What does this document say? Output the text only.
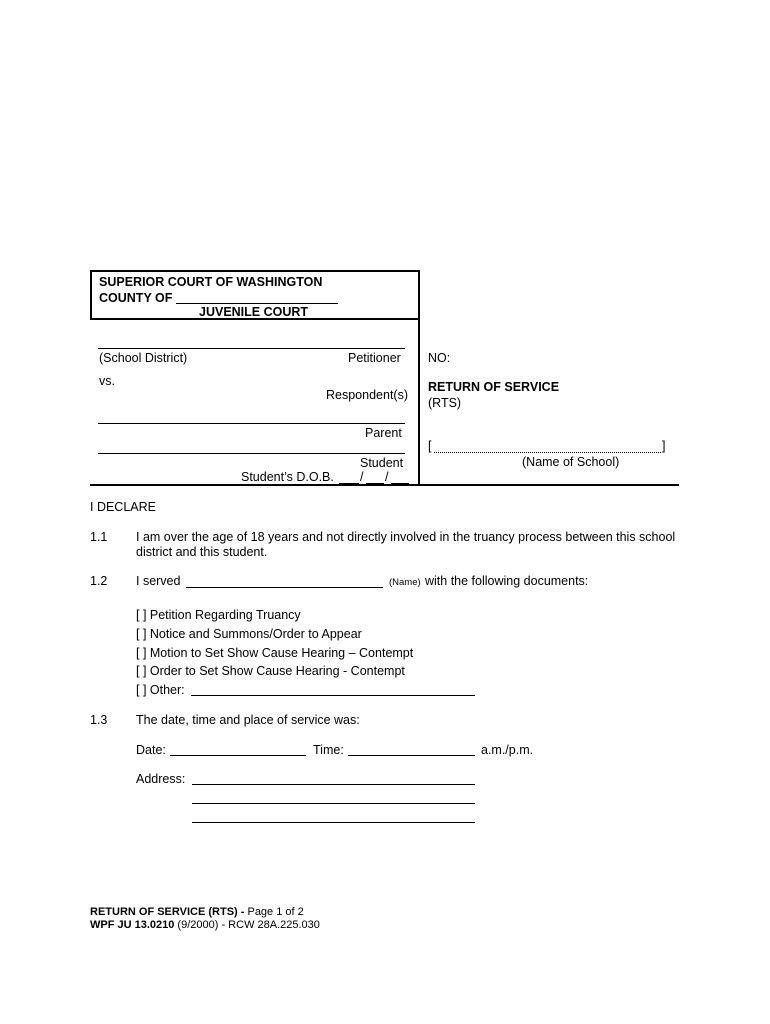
SUPERIOR COURT OF WASHINGTON
COUNTY OF
JUVENILE COURT
(School District)	Petitioner
vs.
Respondent(s)
Parent
Student
Student’s D.O.B. / /
NO:
RETURN OF SERVICE
(RTS)
[	]
(Name of School)
I DECLARE
1.1 I am over the age of 18 years and not directly involved in the truancy process between this school
district and this student.
1.2 I served	(Name) with the following documents:
[ ] Petition Regarding Truancy
[ ] Notice and Summons/Order to Appear
[ ] Motion to Set Show Cause Hearing – Contempt
[ ] Order to Set Show Cause Hearing - Contempt
[ ] Other:
1.3 The date, time and place of service was:
Date:	Time:	a.m./p.m.
Address:
RETURN OF SERVICE (RTS) - Page 1 of 2
WPF JU 13.0210 (9/2000) - RCW 28A.225.030
